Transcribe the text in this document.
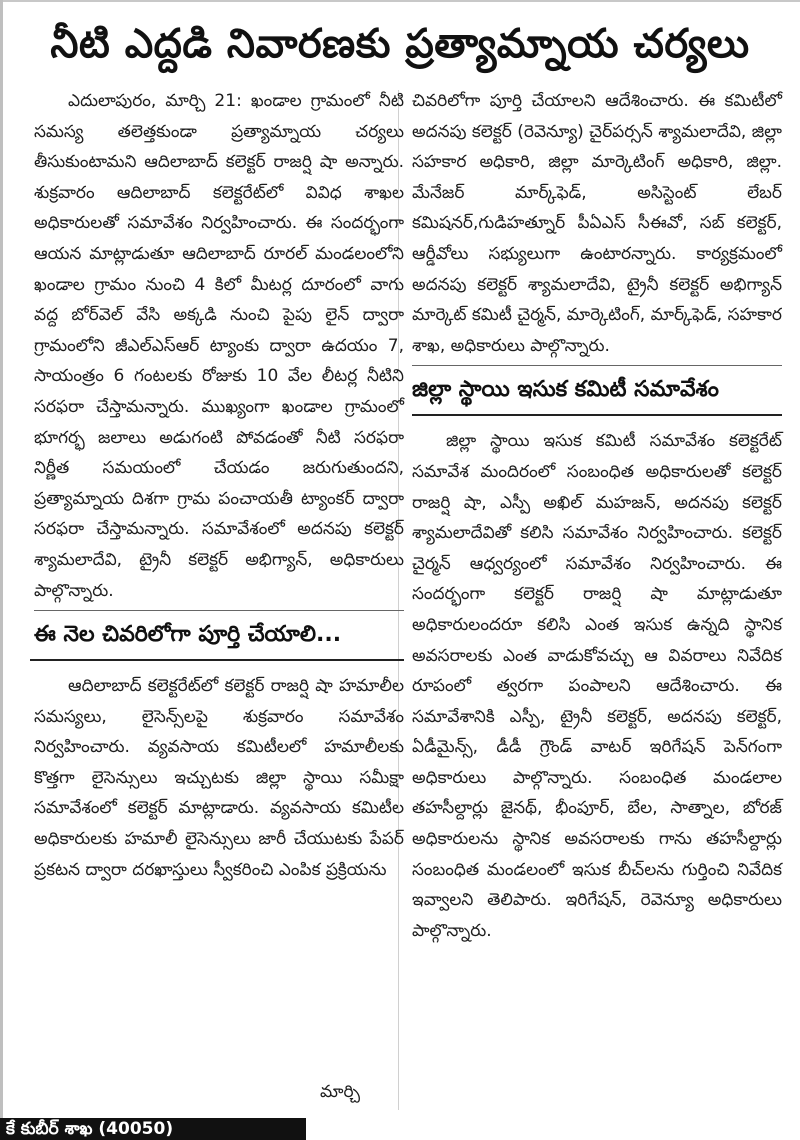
నీటి ఎద్దడి నివారణకు ప్రత్యామ్నాయ చర్యలు

ఎదులాపురం, మార్చి 21: ఖండాల గ్రామంలో నీటి సమస్య తలెత్తకుండా ప్రత్యామ్నాయ చర్యలు తీసుకుంటామని ఆదిలాబాద్ కలెక్టర్ రాజర్షి షా అన్నారు. శుక్రవారం ఆదిలాబాద్ కలెక్టరేట్‌లో వివిధ శాఖల అధికారులతో సమావేశం నిర్వహించారు. ఈ సందర్భంగా ఆయన మాట్లాడుతూ ఆదిలాబాద్ రూరల్ మండలంలోని ఖండాల గ్రామం నుంచి 4 కిలో మీటర్ల దూరంలో వాగు వద్ద బోర్‌వెల్ వేసి అక్కడి నుంచి పైపు లైన్ ద్వారా గ్రామంలోని జీఎల్ఎస్ఆర్ ట్యాంకు ద్వారా ఉదయం 7, సాయంత్రం 6 గంటలకు రోజుకు 10 వేల లీటర్ల నీటిని సరఫరా చేస్తామన్నారు. ముఖ్యంగా ఖండాల గ్రామంలో భూగర్భ జలాలు అడుగంటి పోవడంతో నీటి సరఫరా నిర్ణీత సమయంలో చేయడం జరుగుతుందని, ప్రత్యామ్నాయ దిశగా గ్రామ పంచాయతీ ట్యాంకర్ ద్వారా సరఫరా చేస్తామన్నారు. సమావేశంలో అదనపు కలెక్టర్ శ్యామలాదేవి, ట్రైనీ కలెక్టర్ అభిగ్యాన్, అధికారులు పాల్గొన్నారు.

ఈ నెల చివరిలోగా పూర్తి చేయాలి...

ఆదిలాబాద్ కలెక్టరేట్‌లో కలెక్టర్ రాజర్షి షా హమాలీల సమస్యలు, లైసెన్స్‌లపై శుక్రవారం సమావేశం నిర్వహించారు. వ్యవసాయ కమిటీలలో హమాలీలకు కొత్తగా లైసెన్సులు ఇచ్చుటకు జిల్లా స్థాయి సమీక్షా సమావేశంలో కలెక్టర్ మాట్లాడారు. వ్యవసాయ కమిటీల అధికారులకు హమాలీ లైసెన్సులు జారీ చేయుటకు పేపర్ ప్రకటన ద్వారా దరఖాస్తులు స్వీకరించి ఎంపిక ప్రక్రియను

మార్చి

చివరిలోగా పూర్తి చేయాలని ఆదేశించారు. ఈ కమిటీలో అదనపు కలెక్టర్ (రెవెన్యూ) చైర్‌పర్సన్ శ్యామలాదేవి, జిల్లా సహకార అధికారి, జిల్లా మార్కెటింగ్ అధికారి, జిల్లా. మేనేజర్ మార్క్‌ఫెడ్, అసిస్టెంట్ లేబర్ కమిషనర్,గుడిహత్నూర్ పీఏఎస్ సీఈవో, సబ్ కలెక్టర్, ఆర్డీవోలు సభ్యులుగా ఉంటారన్నారు. కార్యక్రమంలో అదనపు కలెక్టర్ శ్యామలాదేవి, ట్రైనీ కలెక్టర్ అభిగ్యాన్ మార్కెట్ కమిటీ చైర్మన్, మార్కెటింగ్, మార్క్‌ఫెడ్, సహకార శాఖ, అధికారులు పాల్గొన్నారు.

జిల్లా స్థాయి ఇసుక కమిటీ సమావేశం

జిల్లా స్థాయి ఇసుక కమిటీ సమావేశం కలెక్టరేట్ సమావేశ మందిరంలో సంబంధిత అధికారులతో కలెక్టర్ రాజర్షి షా, ఎస్పీ అఖిల్ మహజన్, అదనపు కలెక్టర్ శ్యామలాదేవితో కలిసి సమావేశం నిర్వహించారు. కలెక్టర్ చైర్మన్ ఆధ్వర్యంలో సమావేశం నిర్వహించారు. ఈ సందర్భంగా కలెక్టర్ రాజర్షి షా మాట్లాడుతూ అధికారులందరూ కలిసి ఎంత ఇసుక ఉన్నది స్థానిక అవసరాలకు ఎంత వాడుకోవచ్చు ఆ వివరాలు నివేదిక రూపంలో త్వరగా పంపాలని ఆదేశించారు. ఈ సమావేశానికి ఎస్పీ, ట్రైనీ కలెక్టర్, అదనపు కలెక్టర్, ఏడీమైన్స్, డీడీ గ్రౌండ్ వాటర్ ఇరిగేషన్ పెన్‌గంగా అధికారులు పాల్గొన్నారు. సంబంధిత మండలాల తహసీల్దార్లు జైనథ్, భీంపూర్, బేల, సాత్నాల, బోరజ్ అధికారులను స్థానిక అవసరాలకు గాను తహసీల్దార్లు సంబంధిత మండలంలో ఇసుక బీచ్‌లను గుర్తించి నివేదిక ఇవ్వాలని తెలిపారు. ఇరిగేషన్, రెవెన్యూ అధికారులు పాల్గొన్నారు.

కే కుబీర్ శాఖ (40050)
